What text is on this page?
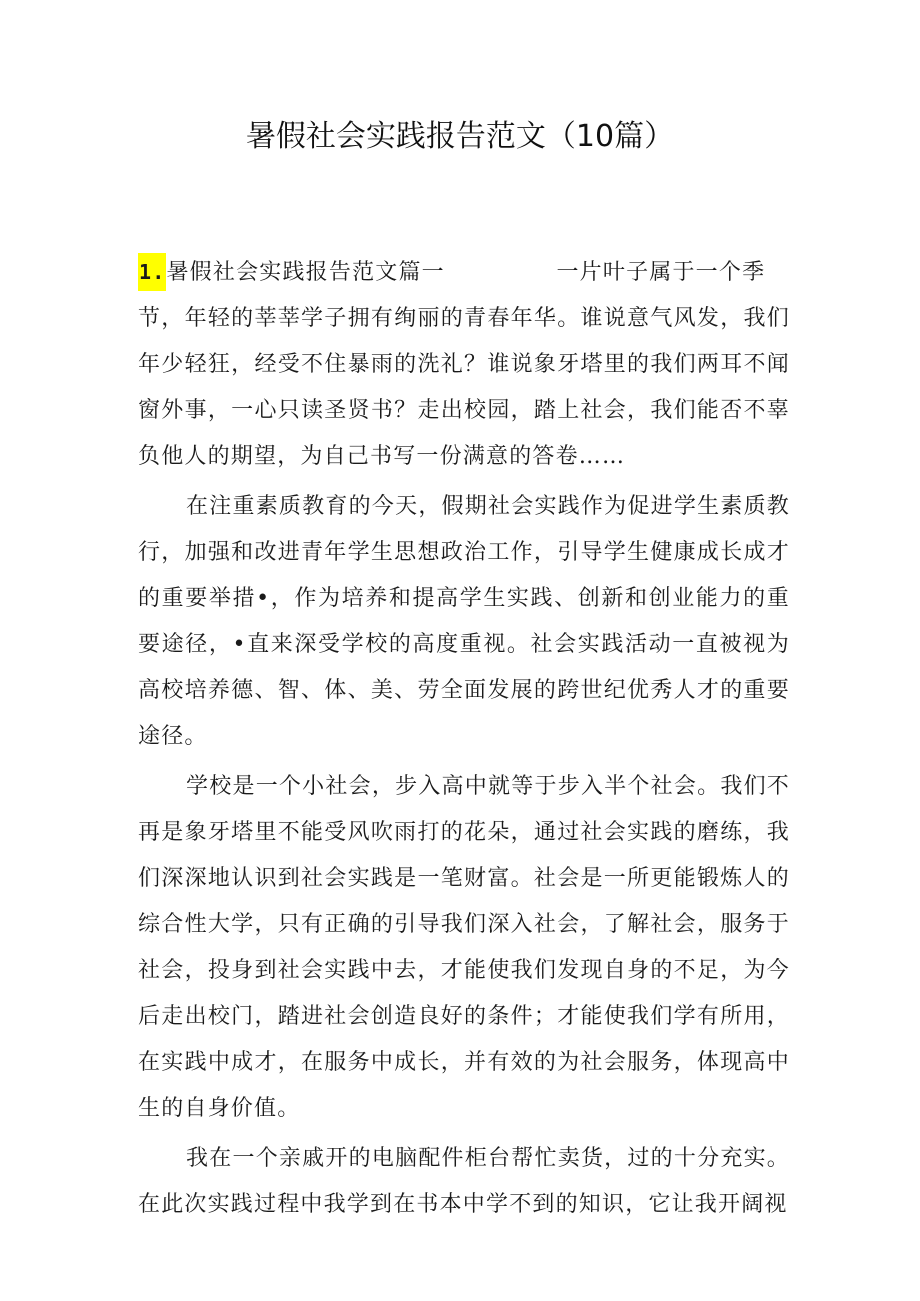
暑假社会实践报告范文（10篇）

1.暑假社会实践报告范文篇一	一片叶子属于一个季
节，年轻的莘莘学子拥有绚丽的青春年华。谁说意气风发，我们年少轻狂，经受不住暴雨的洗礼？谁说象牙塔里的我们两耳不闻窗外事，一心只读圣贤书？走出校园，踏上社会，我们能否不辜负他人的期望，为自己书写一份满意的答卷……

在注重素质教育的今天，假期社会实践作为促进学生素质教行，加强和改进青年学生思想政治工作，引导学生健康成长成才的重要举措•，作为培养和提高学生实践、创新和创业能力的重要途径，•直来深受学校的高度重视。社会实践活动一直被视为高校培养德、智、体、美、劳全面发展的跨世纪优秀人才的重要途径。

学校是一个小社会，步入高中就等于步入半个社会。我们不再是象牙塔里不能受风吹雨打的花朵，通过社会实践的磨练，我们深深地认识到社会实践是一笔财富。社会是一所更能锻炼人的综合性大学，只有正确的引导我们深入社会，了解社会，服务于社会，投身到社会实践中去，才能使我们发现自身的不足，为今后走出校门，踏进社会创造良好的条件；才能使我们学有所用，在实践中成才，在服务中成长，并有效的为社会服务，体现高中生的自身价值。

我在一个亲戚开的电脑配件柜台帮忙卖货，过的十分充实。在此次实践过程中我学到在书本中学不到的知识，它让我开阔视
